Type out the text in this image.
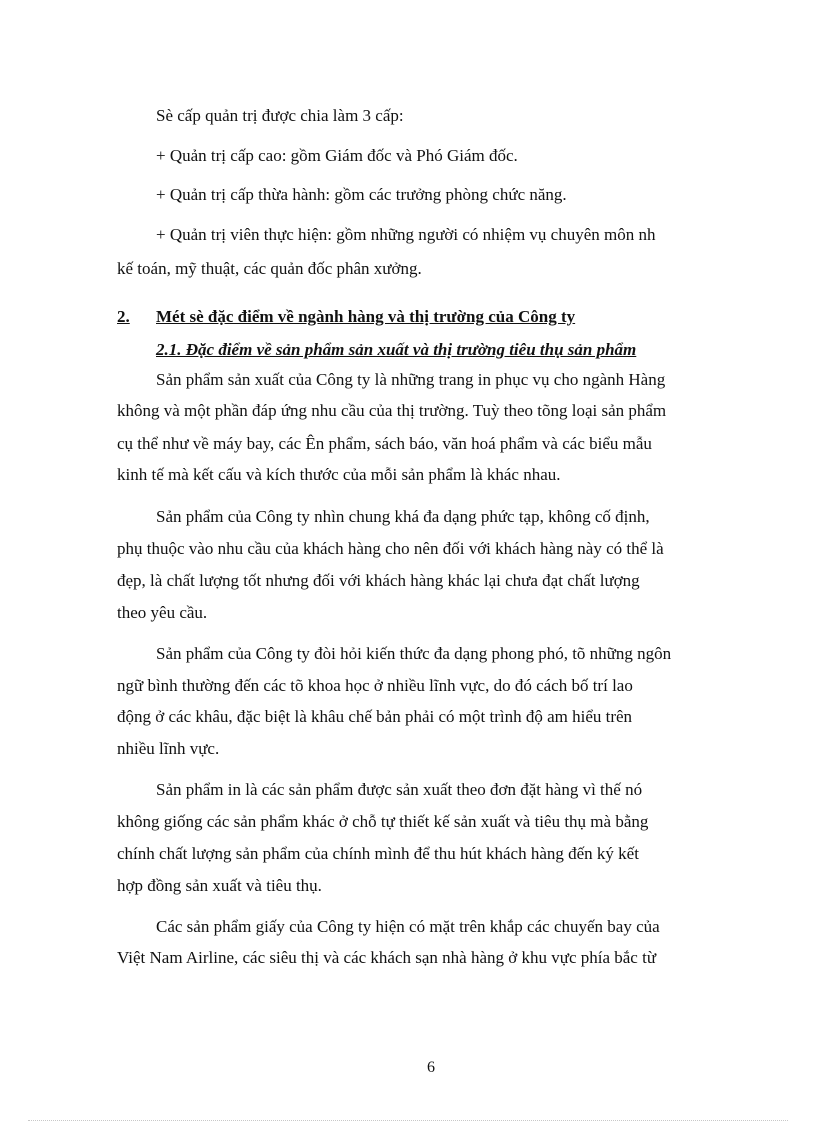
Sè cấp quản trị được chia làm 3 cấp:
+ Quản trị cấp cao: gồm Giám đốc và Phó Giám đốc.
+ Quản trị cấp thừa hành: gồm các trưởng phòng chức năng.
+ Quản trị viên thực hiện: gồm những người có nhiệm vụ chuyên môn nh
kế toán, mỹ thuật, các quản đốc phân xưởng.
2. Mét sè đặc điểm về ngành hàng và thị trường của Công ty
2.1. Đặc điểm về sản phẩm sản xuất và thị trường tiêu thụ sản phẩm
Sản phẩm sản xuất của Công ty là những trang in phục vụ cho ngành Hàng
không và một phần đáp ứng nhu cầu của thị trường. Tuỳ theo tõng loại sản phẩm
cụ thể như về máy bay, các Ên phẩm, sách báo, văn hoá phẩm và các biểu mẫu
kinh tế mà kết cấu và kích thước của mỗi sản phẩm là khác nhau.
Sản phẩm của Công ty nhìn chung khá đa dạng phức tạp, không cố định,
phụ thuộc vào nhu cầu của khách hàng cho nên đối với khách hàng này có thể là
đẹp, là chất lượng tốt nhưng đối với khách hàng khác lại chưa đạt chất lượng
theo yêu cầu.
Sản phẩm của Công ty đòi hỏi kiến thức đa dạng phong phó, tõ những ngôn
ngữ bình thường đến các tõ khoa học ở nhiều lĩnh vực, do đó cách bố trí lao
động ở các khâu, đặc biệt là khâu chế bản phải có một trình độ am hiểu trên
nhiều lĩnh vực.
Sản phẩm in là các sản phẩm được sản xuất theo đơn đặt hàng vì thế nó
không giống các sản phẩm khác ở chỗ tự thiết kế sản xuất và tiêu thụ mà bằng
chính chất lượng sản phẩm của chính mình để thu hút khách hàng đến ký kết
hợp đồng sản xuất và tiêu thụ.
Các sản phẩm giấy của Công ty hiện có mặt trên khắp các chuyến bay của
Việt Nam Airline, các siêu thị và các khách sạn nhà hàng ở khu vực phía bắc từ
6
